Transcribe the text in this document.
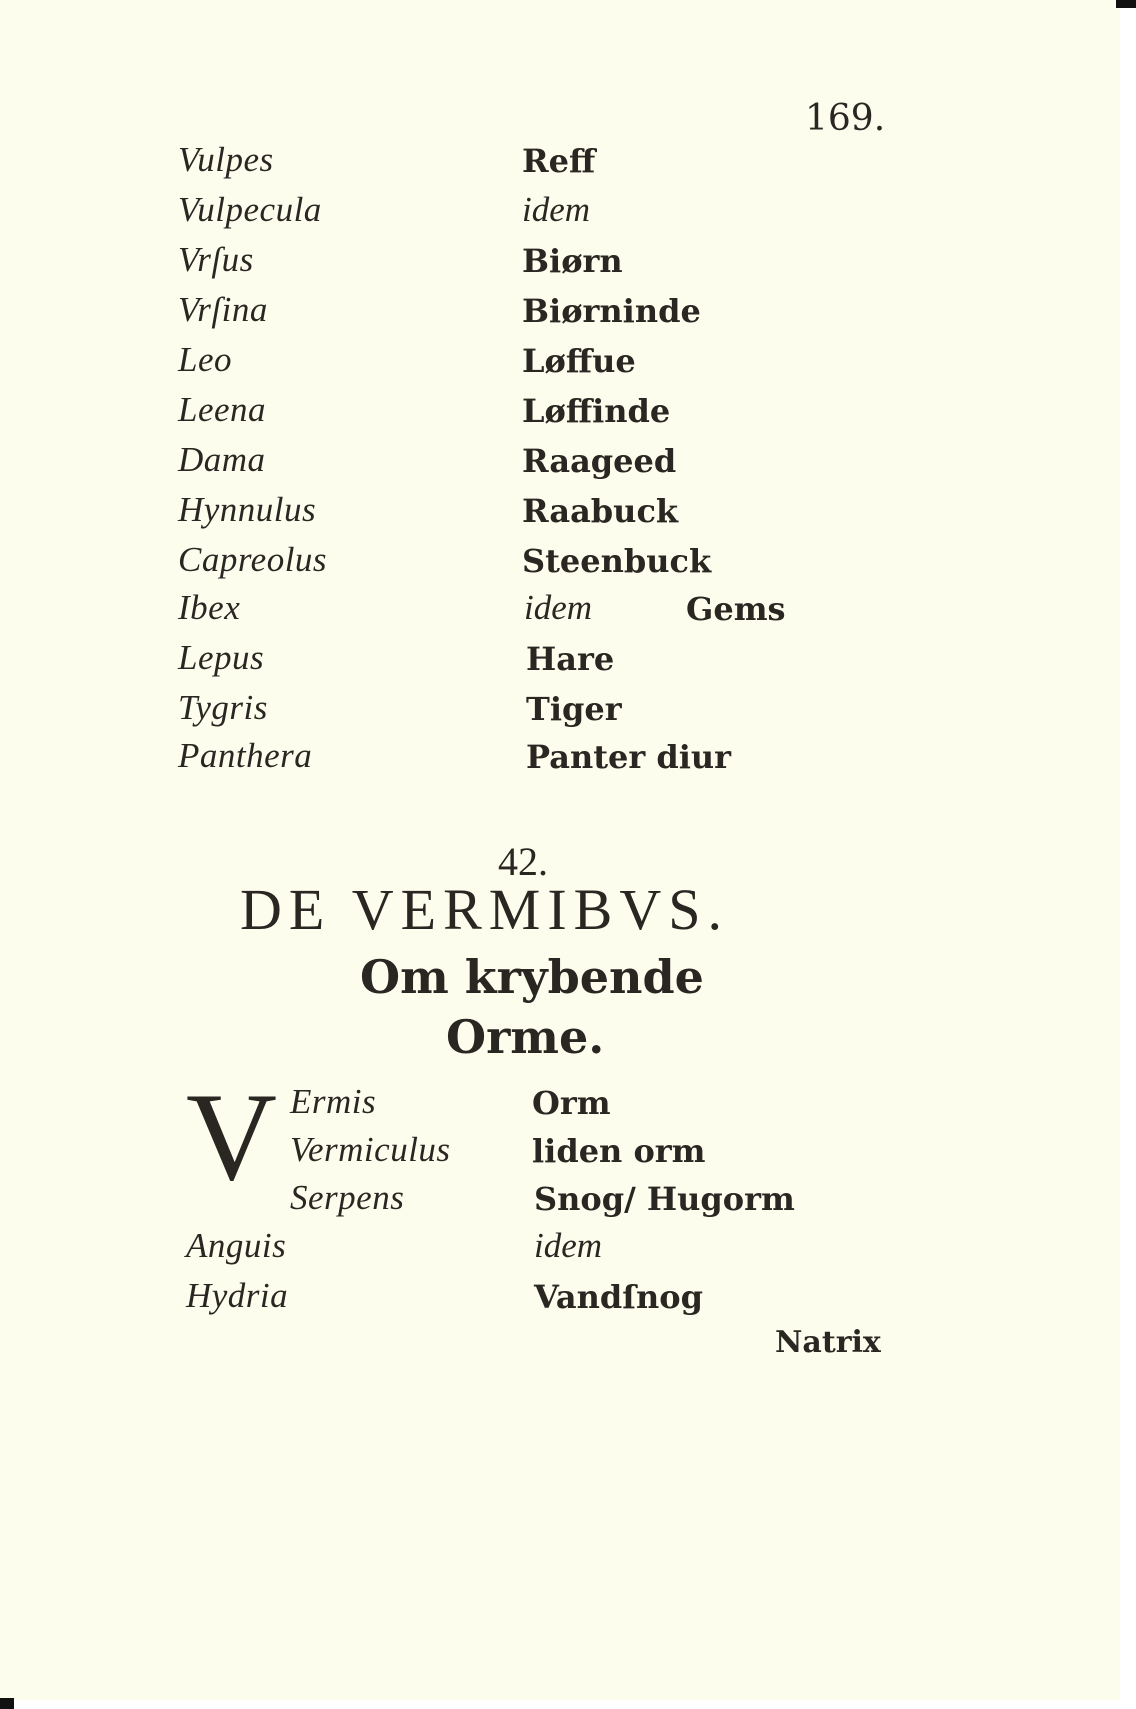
169.
Vulpes	Reff
Vulpecula	idem
Vrſus	Biørn
Vrſina	Biørninde
Leo	Løffue
Leena	Løffinde
Dama	Raageed
Hynnulus	Raabuck
Capreolus	Steenbuck
Ibex	idem	Gems
Lepus	Hare
Tygris	Tiger
Panthera	Panter diur
42.
DE VERMIBVS.
Om krybende
Orme.
V Ermis	Orm
Vermiculus	liden orm
Serpens	Snog/ Hugorm
Anguis	idem
Hydria	Vandſnog
Natrix
